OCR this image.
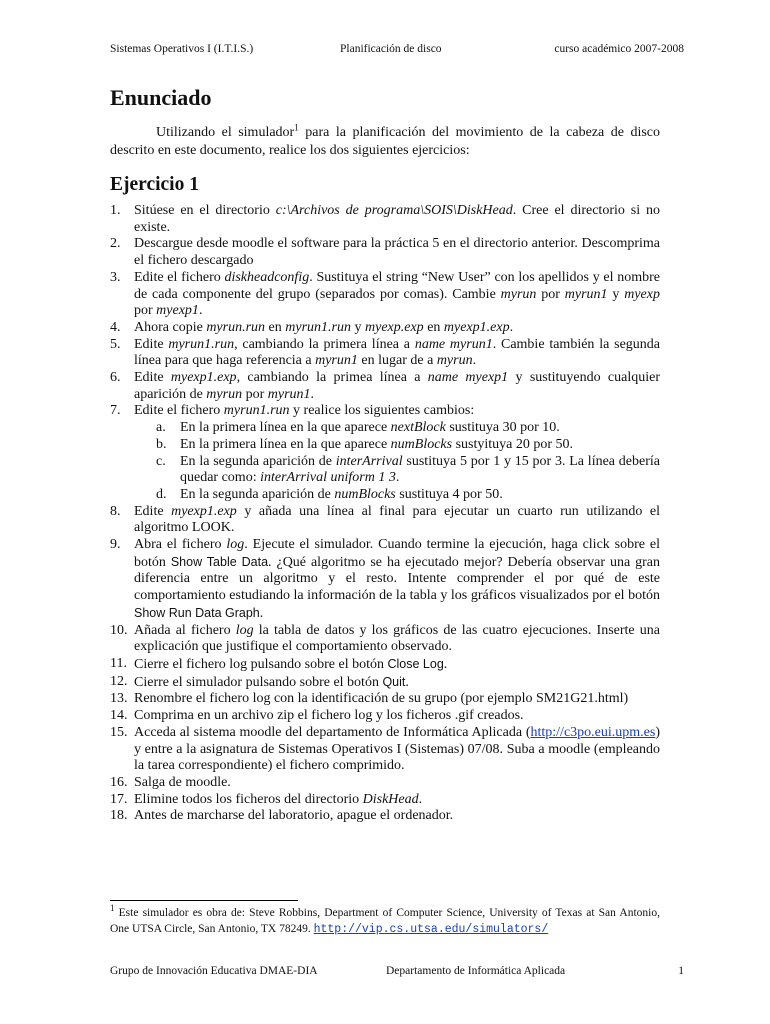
Sistemas Operativos I (I.T.I.S.)	Planificación de disco	curso académico 2007-2008
Enunciado

Utilizando el simulador$^1$ para la planificación del movimiento de la cabeza de disco descrito en este documento, realice los dos siguientes ejercicios:

Ejercicio 1
1. Sitúese en el directorio c:\Archivos de programa\SOIS\DiskHead. Cree el directorio si no existe.
2. Descargue desde moodle el software para la práctica 5 en el directorio anterior. Descomprima el fichero descargado
3. Edite el fichero diskheadconfig. Sustituya el string “New User” con los apellidos y el nombre de cada componente del grupo (separados por comas). Cambie myrun por myrun1 y myexp por myexp1.
4. Ahora copie myrun.run en myrun1.run y myexp.exp en myexp1.exp.
5. Edite myrun1.run, cambiando la primera línea a name myrun1. Cambie también la segunda línea para que haga referencia a myrun1 en lugar de a myrun.
6. Edite myexp1.exp, cambiando la primea línea a name myexp1 y sustituyendo cualquier aparición de myrun por myrun1.
7. Edite el fichero myrun1.run y realice los siguientes cambios:
a. En la primera línea en la que aparece nextBlock sustituya 30 por 10.
b. En la primera línea en la que aparece numBlocks sustyituya 20 por 50.
c. En la segunda aparición de interArrival sustituya 5 por 1 y 15 por 3. La línea debería quedar como: interArrival uniform 1 3.
d. En la segunda aparición de numBlocks sustituya 4 por 50.
8. Edite myexp1.exp y añada una línea al final para ejecutar un cuarto run utilizando el algoritmo LOOK.
9. Abra el fichero log. Ejecute el simulador. Cuando termine la ejecución, haga click sobre el botón Show Table Data. ¿Qué algoritmo se ha ejecutado mejor? Debería observar una gran diferencia entre un algoritmo y el resto. Intente comprender el por qué de este comportamiento estudiando la información de la tabla y los gráficos visualizados por el botón Show Run Data Graph.
10. Añada al fichero log la tabla de datos y los gráficos de las cuatro ejecuciones. Inserte una explicación que justifique el comportamiento observado.
11. Cierre el fichero log pulsando sobre el botón Close Log.
12. Cierre el simulador pulsando sobre el botón Quit.
13. Renombre el fichero log con la identificación de su grupo (por ejemplo SM21G21.html)
14. Comprima en un archivo zip el fichero log y los ficheros .gif creados.
15. Acceda al sistema moodle del departamento de Informática Aplicada (http://c3po.eui.upm.es) y entre a la asignatura de Sistemas Operativos I (Sistemas) 07/08. Suba a moodle (empleando la tarea correspondiente) el fichero comprimido.
16. Salga de moodle.
17. Elimine todos los ficheros del directorio DiskHead.
18. Antes de marcharse del laboratorio, apague el ordenador.

$^1$ Este simulador es obra de: Steve Robbins, Department of Computer Science, University of Texas at San Antonio, One UTSA Circle, San Antonio, TX 78249. http://vip.cs.utsa.edu/simulators/

Grupo de Innovación Educativa DMAE-DIA	Departamento de Informática Aplicada	1
